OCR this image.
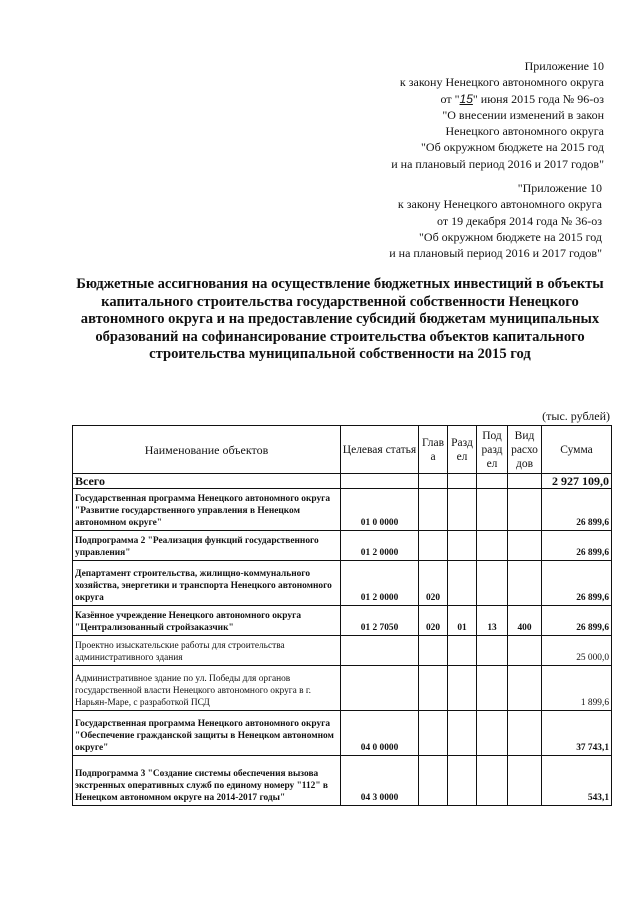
Приложение 10
к закону Ненецкого автономного округа
от "15" июня 2015 года № 96-оз
"О внесении изменений в закон
Ненецкого автономного округа
"Об окружном бюджете на 2015 год
и на плановый период 2016 и 2017 годов"
"Приложение 10
к закону Ненецкого автономного округа
от 19 декабря 2014 года № 36-оз
"Об окружном бюджете на 2015 год
и на плановый период 2016 и 2017 годов"
Бюджетные ассигнования на осуществление бюджетных инвестиций в объекты капитального строительства государственной собственности Ненецкого автономного округа и на предоставление субсидий бюджетам муниципальных образований на софинансирование строительства объектов капитального строительства муниципальной собственности на 2015 год
(тыс. рублей)
Наименование объектов	Целевая статья	Глав а	Разд ел	Под разд ел	Вид расхо дов	Сумма
Всего						2 927 109,0
Государственная программа Ненецкого автономного округа "Развитие государственного управления в Ненецком автономном округе"	01 0 0000					26 899,6
Подпрограмма 2 "Реализация функций государственного управления"	01 2 0000					26 899,6
Департамент строительства, жилищно-коммунального хозяйства, энергетики и транспорта Ненецкого автономного округа	01 2 0000	020				26 899,6
Казённое учреждение Ненецкого автономного округа "Централизованный стройзаказчик"	01 2 7050	020	01	13	400	26 899,6
Проектно изыскательские работы для строительства административного здания						25 000,0
Административное здание по ул. Победы для органов государственной власти Ненецкого автономного округа в г. Нарьян-Маре, с разработкой ПСД						1 899,6
Государственная программа Ненецкого автономного округа "Обеспечение гражданской защиты в Ненецком автономном округе"	04 0 0000					37 743,1
Подпрограмма 3 "Создание системы обеспечения вызова экстренных оперативных служб по единому номеру "112" в Ненецком автономном округе на 2014-2017 годы"	04 3 0000					543,1
